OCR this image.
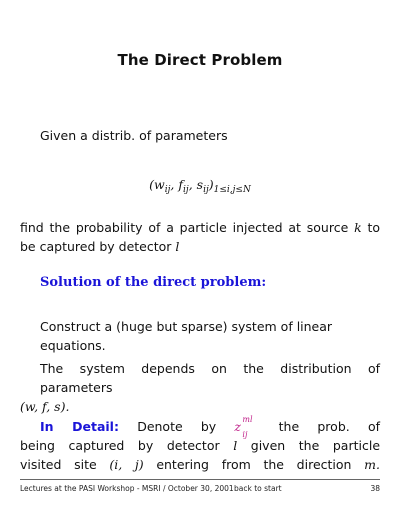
The Direct Problem
Given a distrib. of parameters
($w_{ij}$, $f_{ij}$, $s_{ij})_{1\le i,j\le N}$
find the probability of a particle injected at source k to be captured by detector l
Solution of the direct problem:
Construct a (huge but sparse) system of linear equations.
The system depends on the distribution of parameters
(w, f, s).
In Detail: Denote by z ml
ij
the prob. of
being captured by detector l given the particle
visited site (i, j) entering from the direction m.
Lectures at the PASI Workshop - MSRI / October 30, 2001 back to start	38
